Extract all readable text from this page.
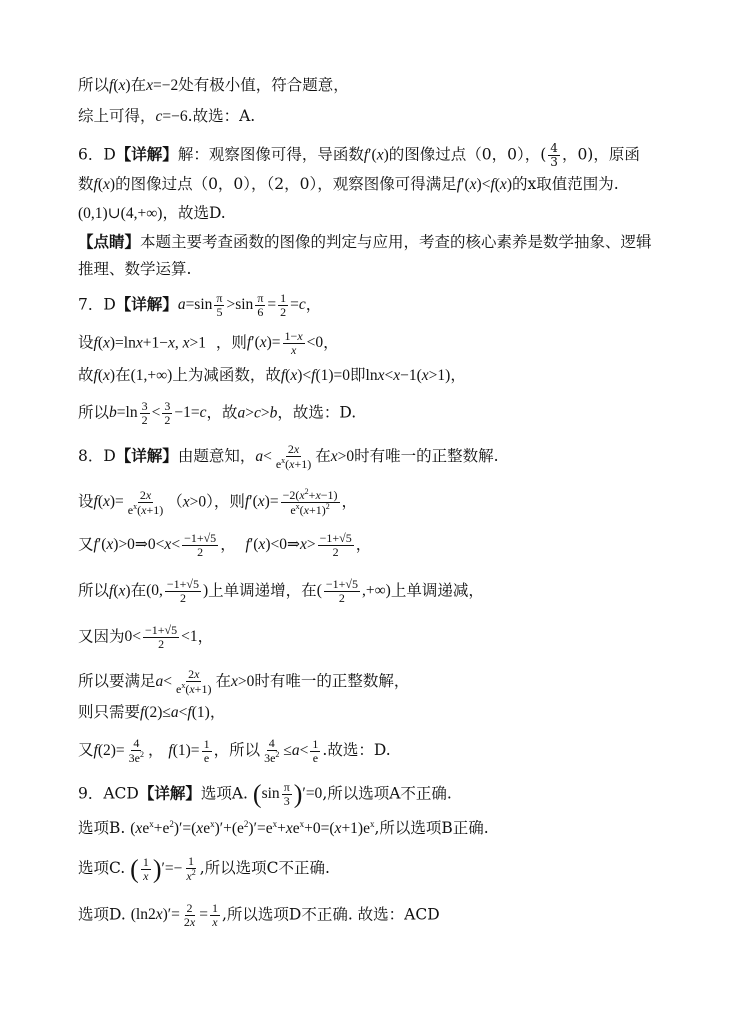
所以f(x)在x=−2处有极小值，符合题意，
综上可得，c=−6.故选：A.
6．D【详解】解：观察图像可得，导函数f′(x)的图像过点（0，0），( $\frac{4}{3}$ ，0)，原函
数f(x)的图像过点（0，0），（2，0），观察图像可得满足f′(x)<f(x)的x取值范围为.
(0,1)∪(4,+∞)，故选D.
【点睛】本题主要考查函数的图像的判定与应用，考查的核心素养是数学抽象、逻辑
推理、数学运算.
7．D【详解】$a=\sin \frac{\pi}{5} >\sin \frac{\pi}{6} = \frac{1}{2} =c$，
设f(x)=lnx+1−x, x>1  ，则$f'(x)= \frac{1-x}{x} <0$，
故f(x)在(1,+∞)上为减函数，故f(x)<f(1)=0即lnx<x−1(x>1)，
所以$b=\ln \frac{3}{2} < \frac{3}{2} -1=c$，故a>c>b，故选：D.
8．D【详解】由题意知，$a< \frac{2x}{e^x(x+1)}$ 在x>0时有唯一的正整数解.
设$f(x)= \frac{2x}{e^x(x+1)} (x>0)$，则$f'(x)= \frac{-2(x^2+x-1)}{e^x(x+1)^2}$ ，
又f′(x)>0⇒0<x< $\frac{-1+√5}{2}$ ，  f′(x)<0⇒x> $\frac{-1+√5}{2}$ ，
所以f(x)在(0, $\frac{-1+√5}{2}$ )上单调递增，在( $\frac{-1+√5}{2}$ ,+∞)上单调递减，
又因为$0< \frac{-1+√5}{2} <1$，
所以要满足$a< \frac{2x}{e^x(x+1)}$ 在x>0时有唯一的正整数解，
则只需要f(2)≤a<f(1)，
又$f(2)= \frac{4}{3e^2}$ ， $f(1)= \frac{1}{e}$ ，所以 $\frac{4}{3e^2} \le a< \frac{1}{e}$ .故选：D.
9．ACD【详解】选项A. $(\sin \frac{\pi}{3} )'=0$,所以选项A不正确.
选项B. $(xe^x+e^2)'=(xe^x)'+(e^2)'=e^x+xe^x+0=(x+1)e^x$,所以选项B正确.
选项C. ( $\frac{1}{x}$ )′=− $\frac{1}{x^2}$ ,所以选项C不正确.
选项D. $(\ln 2x)'= \frac{2}{2x} = \frac{1}{x}$ ,所以选项D不正确. 故选：ACD
